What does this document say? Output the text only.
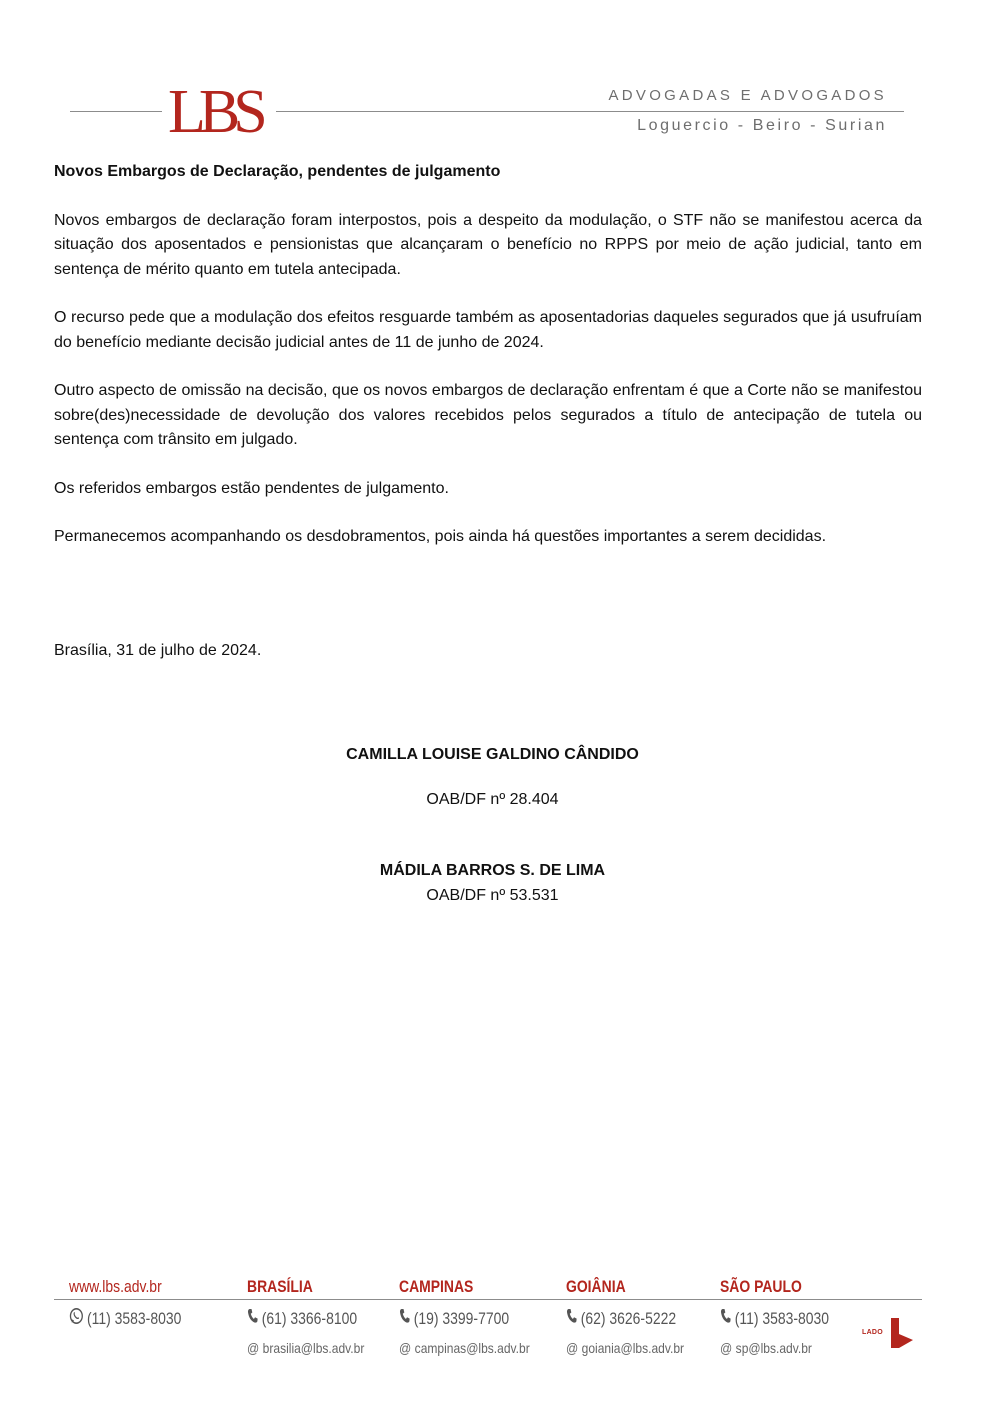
LBS	ADVOGADAS E ADVOGADOS
Loguercio - Beiro - Surian

Novos Embargos de Declaração, pendentes de julgamento

Novos embargos de declaração foram interpostos, pois a despeito da modulação, o STF não se manifestou acerca da situação dos aposentados e pensionistas que alcançaram o benefício no RPPS por meio de ação judicial, tanto em sentença de mérito quanto em tutela antecipada.

O recurso pede que a modulação dos efeitos resguarde também as aposentadorias daqueles segurados que já usufruíam do benefício mediante decisão judicial antes de 11 de junho de 2024.

Outro aspecto de omissão na decisão, que os novos embargos de declaração enfrentam é que a Corte não se manifestou sobre(des)necessidade de devolução dos valores recebidos pelos segurados a título de antecipação de tutela ou sentença com trânsito em julgado.

Os referidos embargos estão pendentes de julgamento.

Permanecemos acompanhando os desdobramentos, pois ainda há questões importantes a serem decididas.

Brasília, 31 de julho de 2024.
CAMILLA LOUISE GALDINO CÂNDIDO
OAB/DF nº 28.404
MÁDILA BARROS S. DE LIMA
OAB/DF nº 53.531
www.lbs.adv.br
(11) 3583-8030
BRASÍLIA
(61) 3366-8100
@ brasilia@lbs.adv.br
CAMPINAS
(19) 3399-7700
@ campinas@lbs.adv.br
GOIÂNIA
(62) 3626-5222
@ goiania@lbs.adv.br
SÃO PAULO
(11) 3583-8030
@ sp@lbs.adv.br
LADO
